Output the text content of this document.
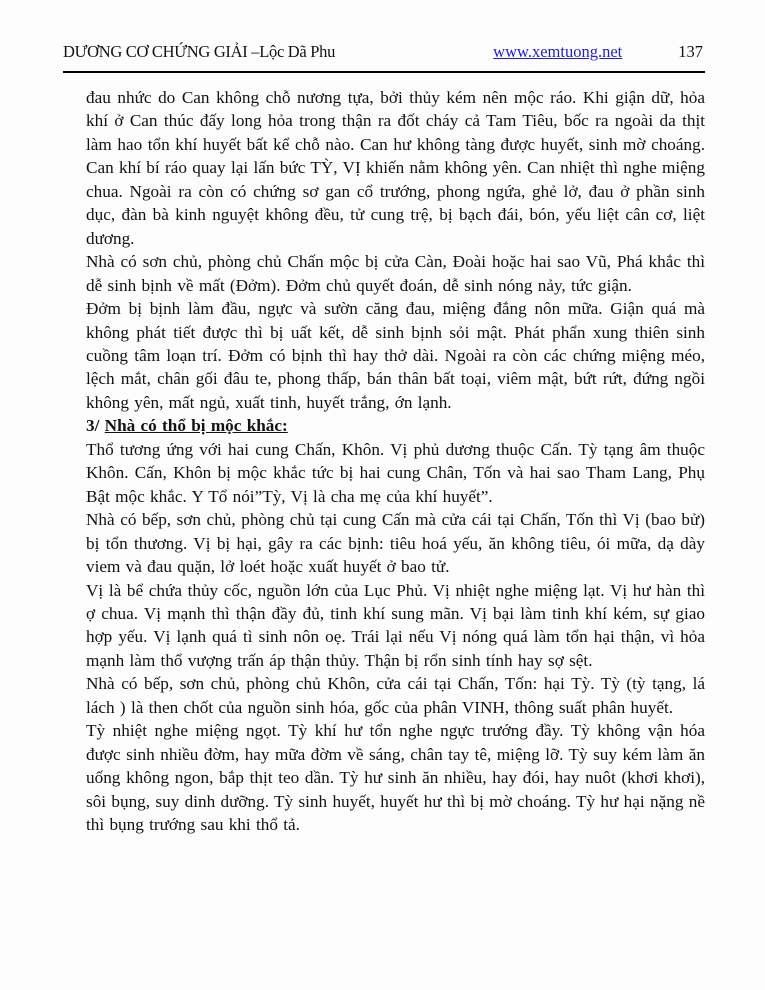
DƯƠNG CƠ CHỨNG GIẢI –Lộc Dã Phu	www.xemtuong.net	137

đau nhức do Can không chỗ nương tựa, bởi thủy kém nên mộc ráo. Khi giận dữ, hỏa khí ở Can thúc đấy long hỏa trong thận ra đốt cháy cả Tam Tiêu, bốc ra ngoài da thịt làm hao tổn khí huyết bất kể chỗ nào. Can hư không tàng được huyết, sinh mờ choáng. Can khí bí ráo quay lại lấn bức TỲ, VỊ khiến nằm không yên. Can nhiệt thì nghe miệng chua. Ngoài ra còn có chứng sơ gan cổ trướng, phong ngứa, ghẻ lở, đau ở phần sinh dục, đàn bà kinh nguyệt không đều, tử cung trệ, bị bạch đái, bón, yếu liệt cân cơ, liệt dương.

Nhà có sơn chủ, phòng chủ Chấn mộc bị cửa Càn, Đoài hoặc hai sao Vũ, Phá khắc thì dễ sinh bịnh về mất (Đởm). Đởm chủ quyết đoán, dễ sinh nóng nảy, tức giận.

Đởm bị bịnh làm đầu, ngực và sườn căng đau, miệng đắng nôn mữa. Giận quá mà không phát tiết được thì bị uất kết, dễ sinh bịnh sỏi mật. Phát phẩn xung thiên sinh cuồng tâm loạn trí. Đởm có bịnh thì hay thở dài. Ngoài ra còn các chứng miệng méo, lệch mắt, chân gối đâu te, phong thấp, bán thân bất toại, viêm mật, bứt rứt, đứng ngồi không yên, mất ngủ, xuất tinh, huyết trắng, ớn lạnh.

3/ Nhà có thổ bị mộc khắc:

Thổ tương ứng với hai cung Chấn, Khôn. Vị phủ dương thuộc Cấn. Tỳ tạng âm thuộc Khôn. Cấn, Khôn bị mộc khắc tức bị hai cung Chân, Tốn và hai sao Tham Lang, Phụ Bật mộc khắc. Y Tổ nói”Tỳ, Vị là cha mẹ của khí huyết”.

Nhà có bếp, sơn chủ, phòng chủ tại cung Cấn mà cửa cái tại Chấn, Tốn thì Vị (bao bử) bị tổn thương. Vị bị hại, gây ra các bịnh: tiêu hoá yếu, ăn không tiêu, ói mữa, dạ dày viem và đau quặn, lở loét hoặc xuất huyết ở bao tử.

Vị là bể chứa thủy cốc, nguồn lớn của Lục Phủ. Vị nhiệt nghe miệng lạt. Vị hư hàn thì ợ chua. Vị mạnh thì thận đầy đủ, tinh khí sung mãn. Vị bại làm tinh khí kém, sự giao hợp yếu. Vị lạnh quá tì sinh nôn oẹ. Trái lại nếu Vị nóng quá làm tổn hại thận, vì hỏa mạnh làm thổ vượng trấn áp thận thủy. Thận bị rổn sinh tính hay sợ sệt.

Nhà có bếp, sơn chủ, phòng chủ Khôn, cửa cái tại Chấn, Tốn: hại Tỳ. Tỳ (tỳ tạng, lá lách ) là then chốt của nguồn sinh hóa, gốc của phân VINH, thông suất phân huyết.

Tỳ nhiệt nghe miệng ngọt. Tỳ khí hư tổn nghe ngực trướng đầy. Tỳ không vận hóa được sinh nhiều đờm, hay mữa đờm về sáng, chân tay tê, miệng lỡ. Tỳ suy kém làm ăn uống không ngon, bắp thịt teo dần. Tỳ hư sinh ăn nhiều, hay đói, hay nuôt (khơi khơi), sôi bụng, suy dinh dưỡng. Tỳ sinh huyết, huyết hư thì bị mờ choáng. Tỳ hư hại nặng nề thì bụng trướng sau khi thổ tả.
